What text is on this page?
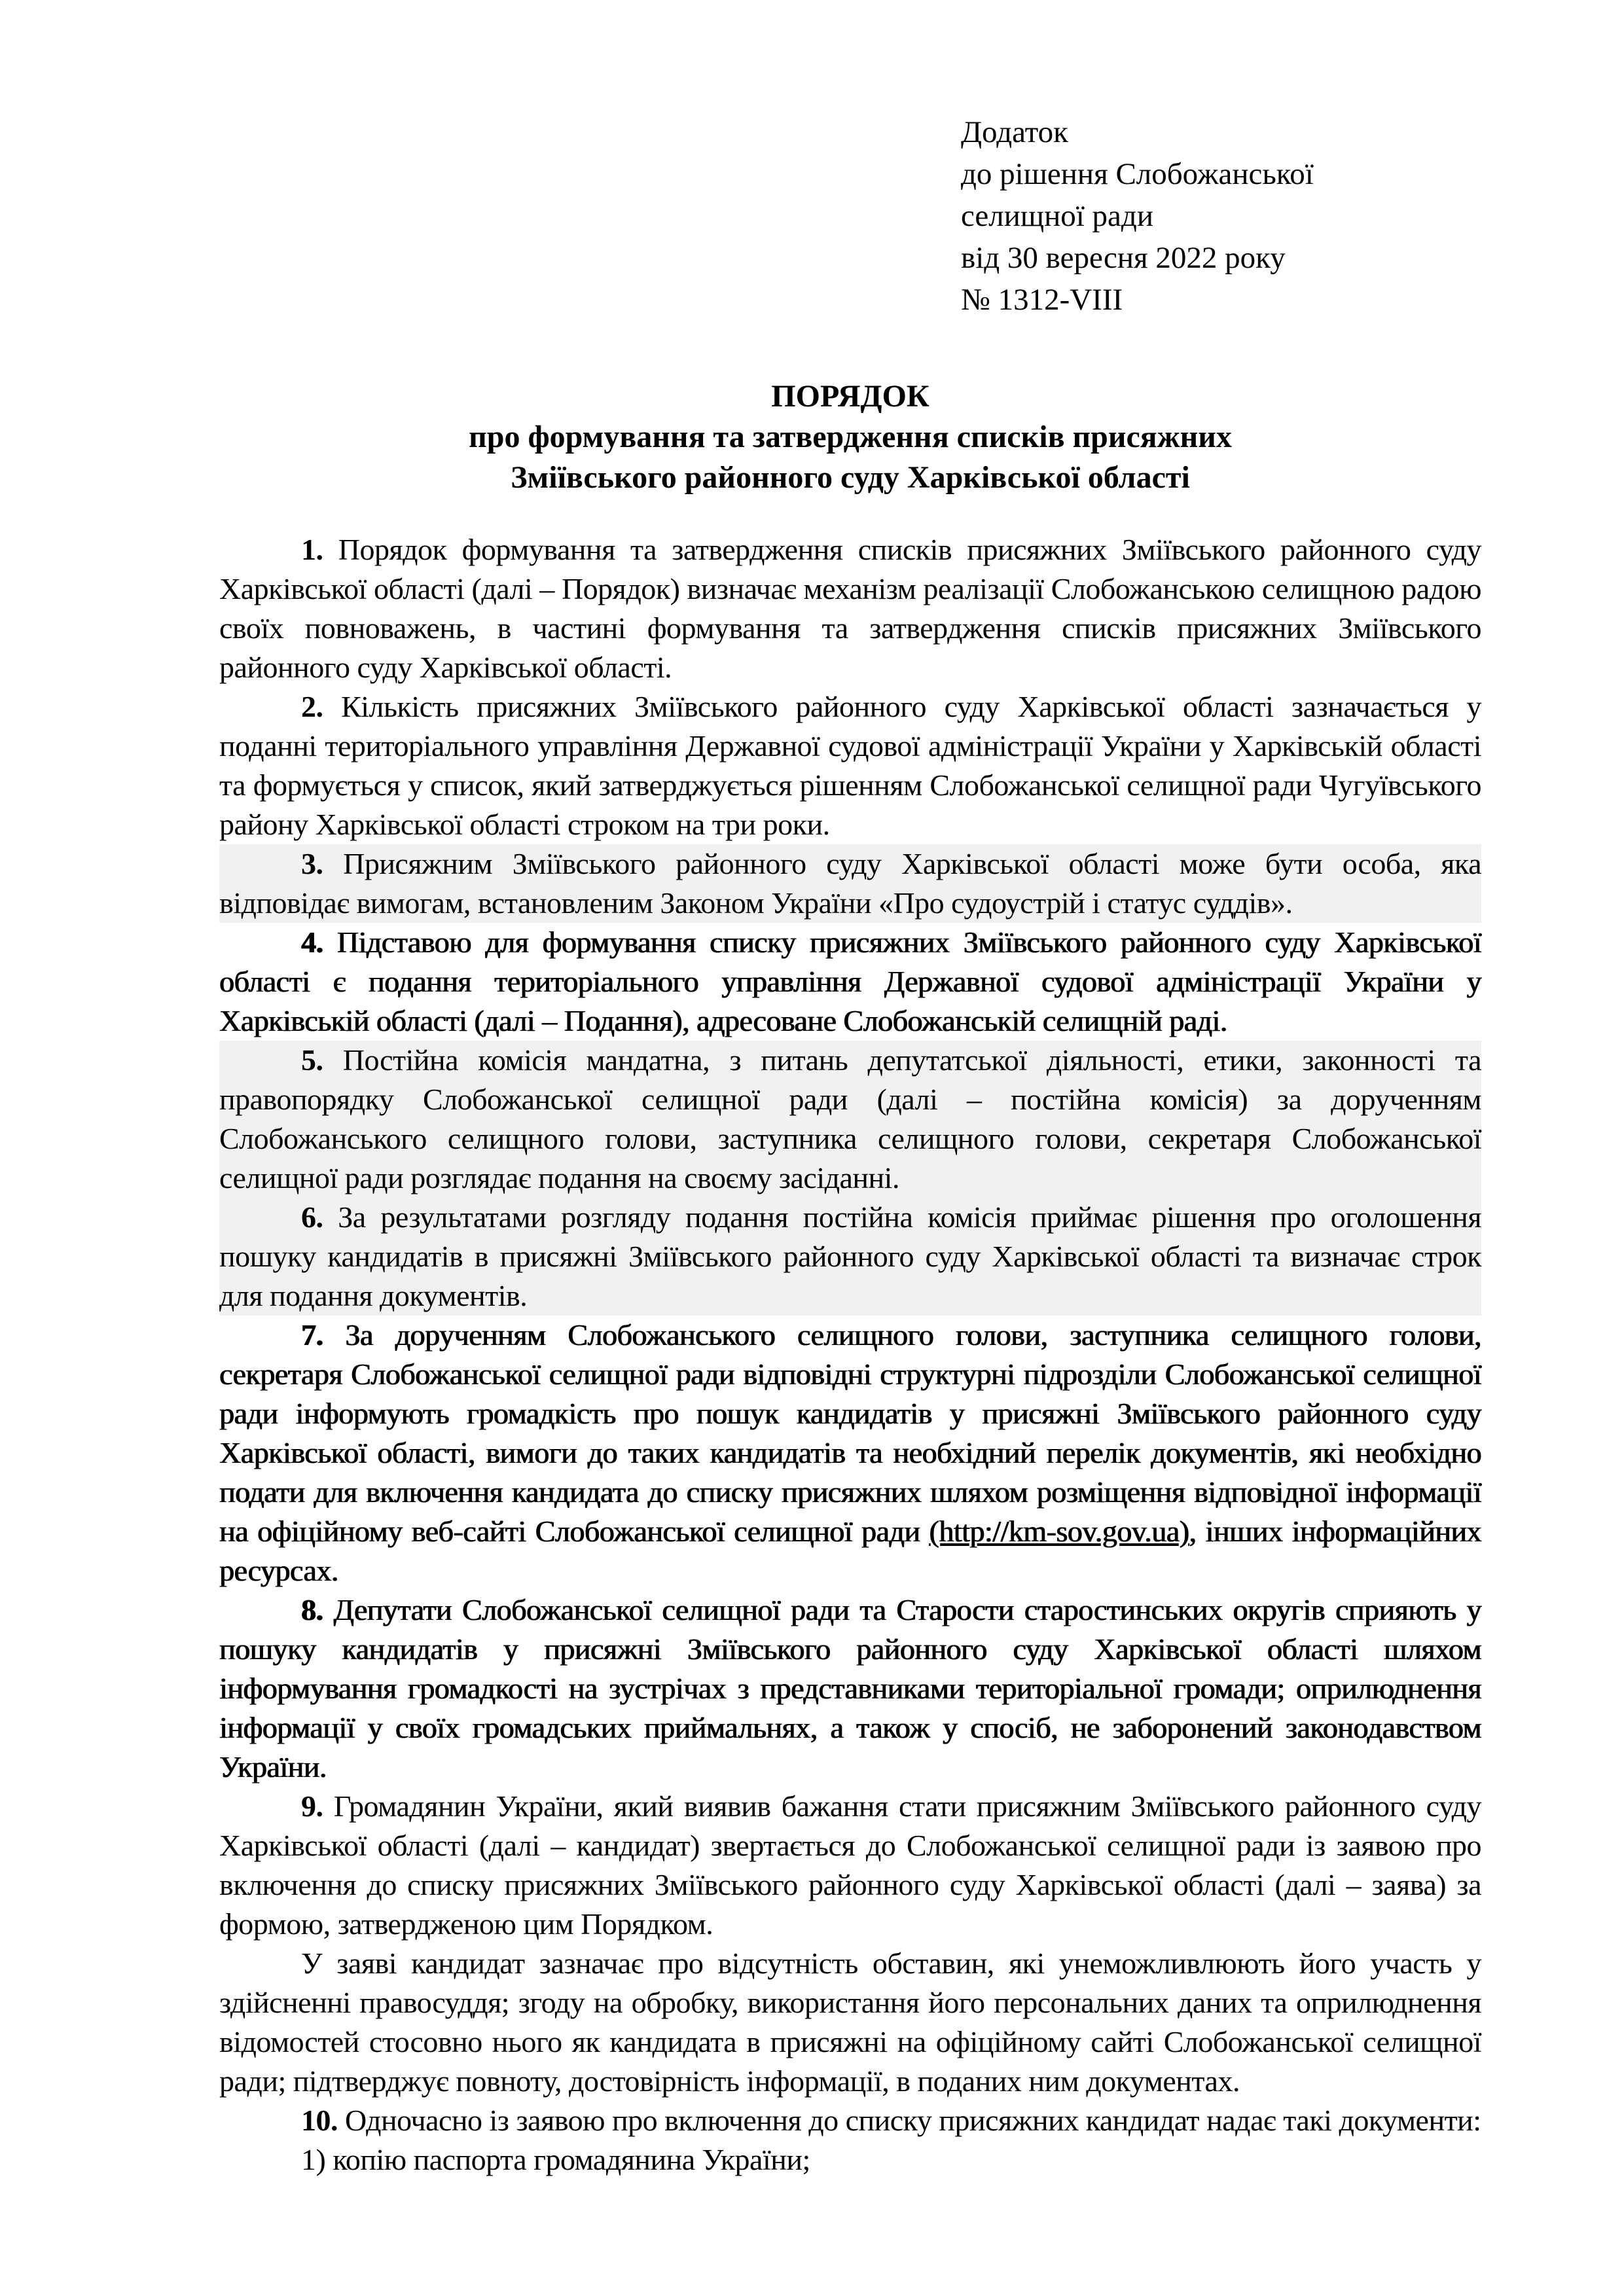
Додаток
до рішення Слобожанської
селищної ради
від 30 вересня 2022 року
№ 1312-VIII
ПОРЯДОК
про формування та затвердження списків присяжних
Зміївського районного суду Харківської області

1. Порядок формування та затвердження списків присяжних Зміївського районного суду Харківської області (далі – Порядок) визначає механізм реалізації Слобожанською селищною радою своїх повноважень, в частині формування та затвердження списків присяжних Зміївського районного суду Харківської області.

2. Кількість присяжних Зміївського районного суду Харківської області зазначається у поданні територіального управління Державної судової адміністрації України у Харківській області та формується у список, який затверджується рішенням Слобожанської селищної ради Чугуївського району Харківської області строком на три роки.

3. Присяжним Зміївського районного суду Харківської області може бути особа, яка відповідає вимогам, встановленим Законом України «Про судоустрій і статус суддів».

4. Підставою для формування списку присяжних Зміївського районного суду Харківської області є подання територіального управління Державної судової адміністрації України у Харківській області (далі – Подання), адресоване Слобожанській селищній раді.

5. Постійна комісія мандатна, з питань депутатської діяльності, етики, законності та правопорядку Слобожанської селищної ради (далі – постійна комісія) за дорученням Слобожанського селищного голови, заступника селищного голови, секретаря Слобожанської селищної ради розглядає подання на своєму засіданні.

6. За результатами розгляду подання постійна комісія приймає рішення про оголошення пошуку кандидатів в присяжні Зміївського районного суду Харківської області та визначає строк для подання документів.

7. За дорученням Слобожанського селищного голови, заступника селищного голови, секретаря Слобожанської селищної ради відповідні структурні підрозділи Слобожанської селищної ради інформують громадкість про пошук кандидатів у присяжні Зміївського районного суду Харківської області, вимоги до таких кандидатів та необхідний перелік документів, які необхідно подати для включення кандидата до списку присяжних шляхом розміщення відповідної інформації на офіційному веб-сайті Слобожанської селищної ради (http://km-sov.gov.ua), інших інформаційних ресурсах.

8. Депутати Слобожанської селищної ради та Старости старостинських округів сприяють у пошуку кандидатів у присяжні Зміївського районного суду Харківської області шляхом інформування громадкості на зустрічах з представниками територіальної громади; оприлюднення інформації у своїх громадських приймальнях, а також у спосіб, не заборонений законодавством України.

9. Громадянин України, який виявив бажання стати присяжним Зміївського районного суду Харківської області (далі – кандидат) звертається до Слобожанської селищної ради із заявою про включення до списку присяжних Зміївського районного суду Харківської області (далі – заява) за формою, затвердженою цим Порядком.

У заяві кандидат зазначає про відсутність обставин, які унеможливлюють його участь у здійсненні правосуддя; згоду на обробку, використання його персональних даних та оприлюднення відомостей стосовно нього як кандидата в присяжні на офіційному сайті Слобожанської селищної ради; підтверджує повноту, достовірність інформації, в поданих ним документах.

10. Одночасно із заявою про включення до списку присяжних кандидат надає такі документи:

1) копію паспорта громадянина України;
